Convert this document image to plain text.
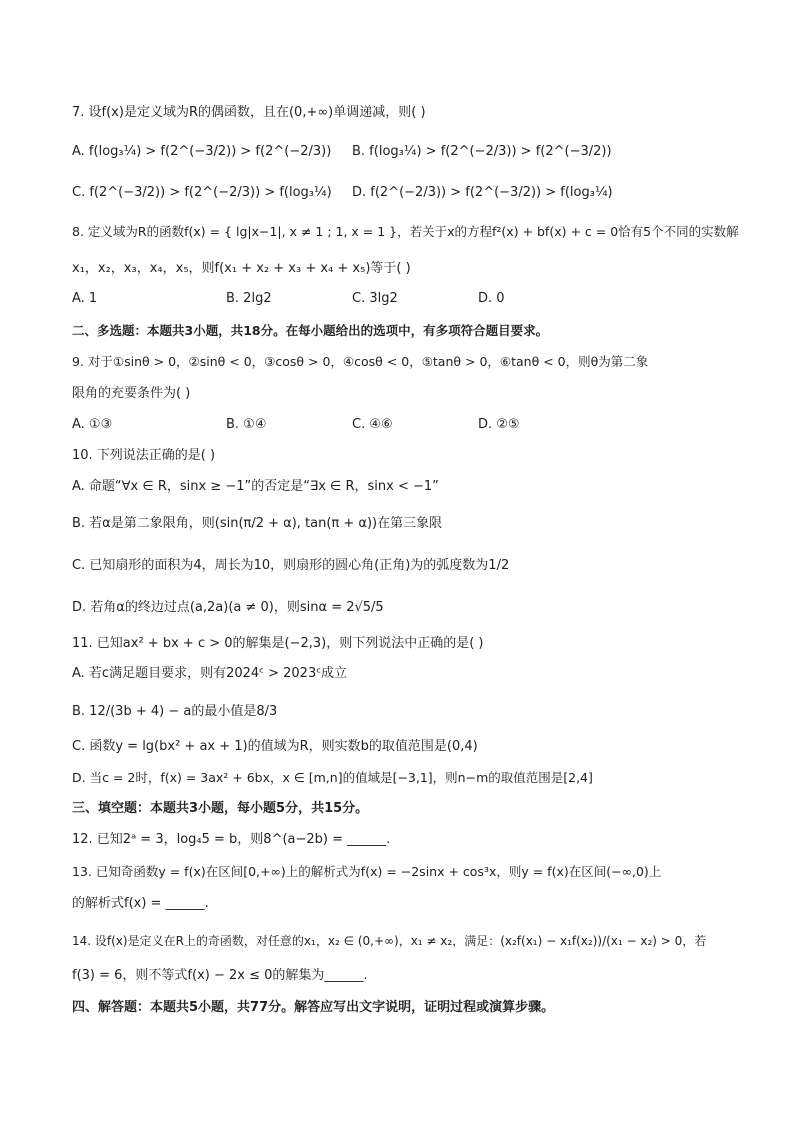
7. 设f(x)是定义域为R的偶函数，且在(0,+∞)单调递减，则( )
A. f(log₃¼) > f(2^(−3/2)) > f(2^(−2/3)) B. f(log₃¼) > f(2^(−2/3)) > f(2^(−3/2))
C. f(2^(−3/2)) > f(2^(−2/3)) > f(log₃¼) D. f(2^(−2/3)) > f(2^(−3/2)) > f(log₃¼)
8. 定义域为R的函数f(x) = { lg|x−1|, x ≠ 1 ; 1, x = 1 }，若关于x的方程f²(x) + bf(x) + c = 0恰有5个不同的实数解
x₁，x₂，x₃，x₄，x₅，则f(x₁ + x₂ + x₃ + x₄ + x₅)等于( )
A. 1	B. 2lg2	C. 3lg2	D. 0
二、多选题：本题共3小题，共18分。在每小题给出的选项中，有多项符合题目要求。
9. 对于①sinθ > 0，②sinθ < 0，③cosθ > 0，④cosθ < 0，⑤tanθ > 0，⑥tanθ < 0，则θ为第二象
限角的充要条件为( )
A. ①③	B. ①④	C. ④⑥	D. ②⑤
10. 下列说法正确的是( )
A. 命题“∀x ∈ R，sinx ≥ −1”的否定是“∃x ∈ R，sinx < −1”
B. 若α是第二象限角，则(sin(π/2 + α), tan(π + α))在第三象限
C. 已知扇形的面积为4，周长为10，则扇形的圆心角(正角)为的弧度数为1/2
D. 若角α的终边过点(a,2a)(a ≠ 0)，则sinα = 2√5/5
11. 已知ax² + bx + c > 0的解集是(−2,3)，则下列说法中正确的是( )
A. 若c满足题目要求，则有2024ᶜ > 2023ᶜ成立
B. 12/(3b + 4) − a的最小值是8/3
C. 函数y = lg(bx² + ax + 1)的值域为R，则实数b的取值范围是(0,4)
D. 当c = 2时，f(x) = 3ax² + 6bx，x ∈ [m,n]的值域是[−3,1]，则n−m的取值范围是[2,4]
三、填空题：本题共3小题，每小题5分，共15分。
12. 已知2ᵃ = 3，log₄5 = b，则8^(a−2b) = ______.
13. 已知奇函数y = f(x)在区间[0,+∞)上的解析式为f(x) = −2sinx + cos³x，则y = f(x)在区间(−∞,0)上
的解析式f(x) = ______.
14. 设f(x)是定义在R上的奇函数，对任意的x₁，x₂ ∈ (0,+∞)，x₁ ≠ x₂，满足：(x₂f(x₁) − x₁f(x₂))/(x₁ − x₂) > 0，若
f(3) = 6，则不等式f(x) − 2x ≤ 0的解集为______.
四、解答题：本题共5小题，共77分。解答应写出文字说明，证明过程或演算步骤。
